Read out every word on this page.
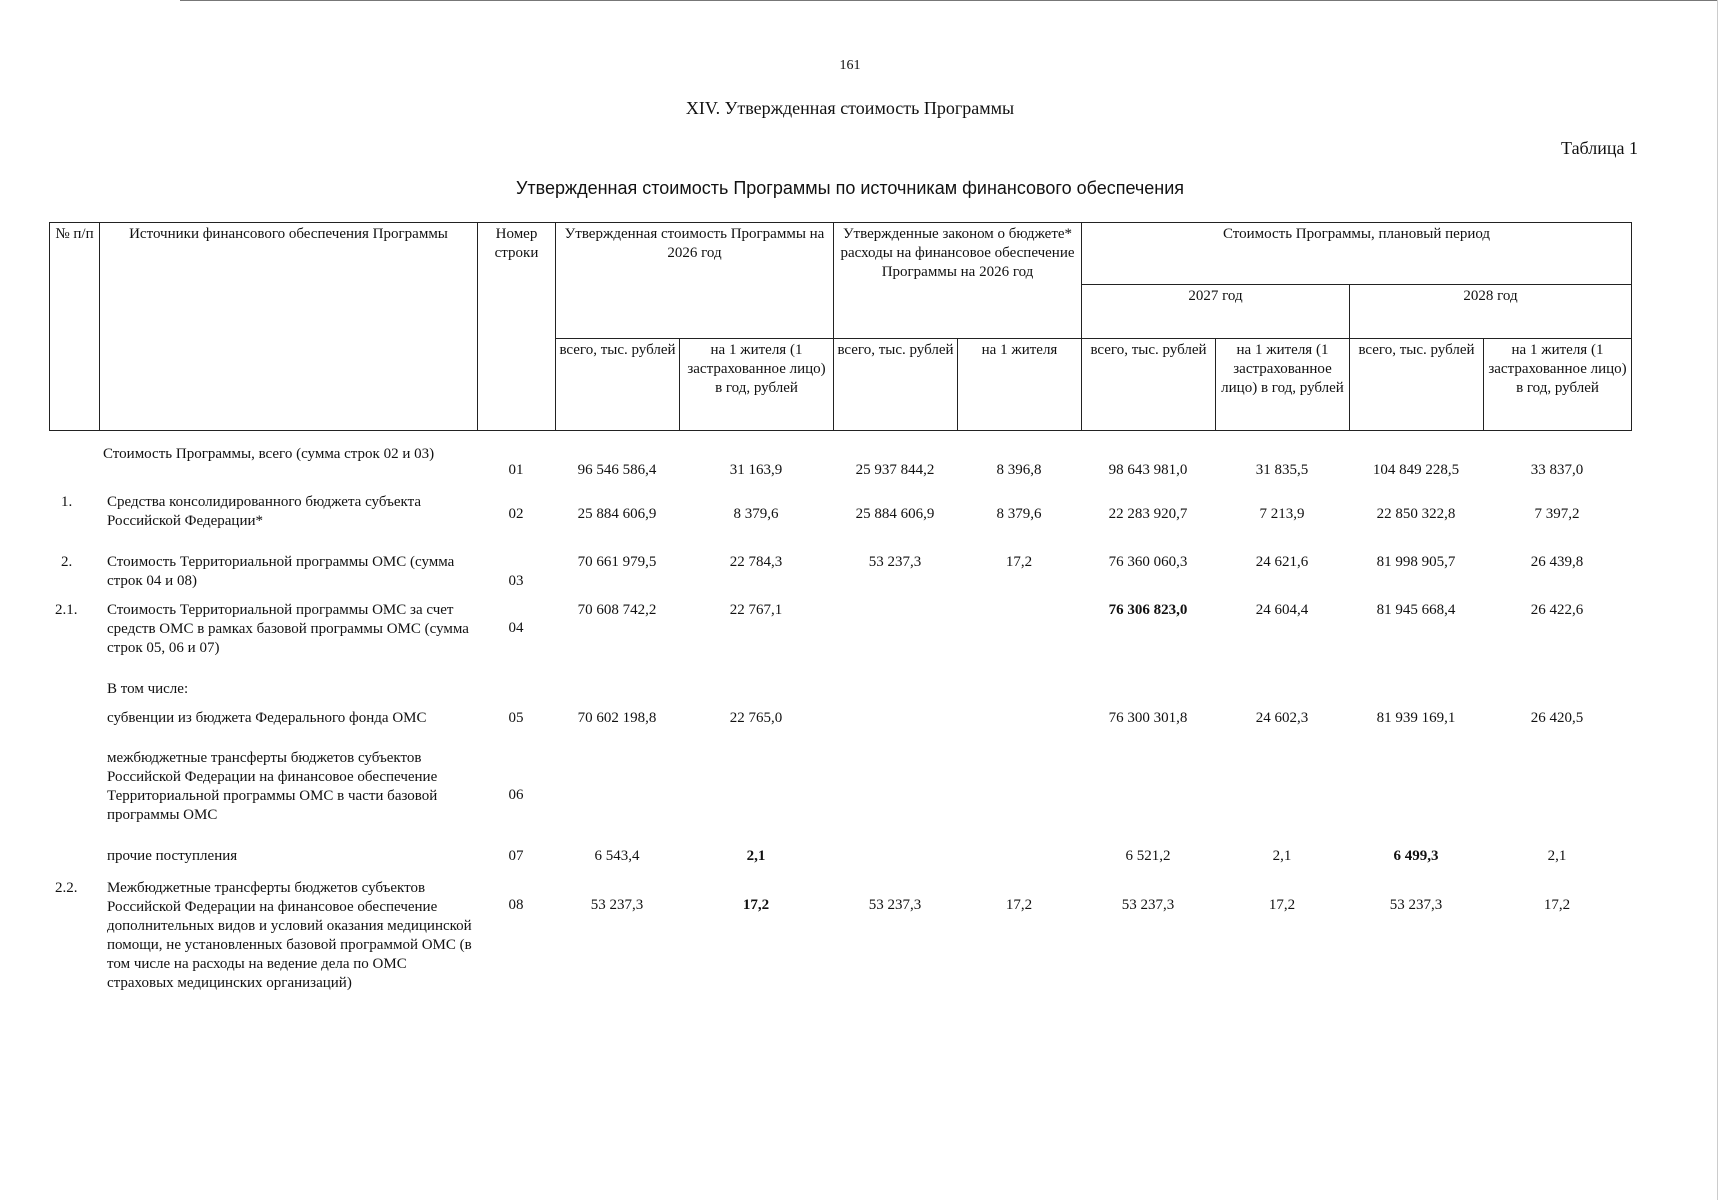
161
XIV. Утвержденная стоимость Программы
Таблица 1
Утвержденная стоимость Программы по источникам финансового обеспечения
№ п/п	Источники финансового обеспечения Программы	Номер строки	Утвержденная стоимость Программы на 2026 год		Утвержденные законом о бюджете* расходы на финансовое обеспечение Программы на 2026 год		Стоимость Программы, плановый период			
							2027 год		2028 год	
			всего, тыс. рублей	на 1 жителя (1 застрахованное лицо) в год, рублей	всего, тыс. рублей	на 1 жителя	всего, тыс. рублей	на 1 жителя (1 застрахованное лицо) в год, рублей	всего, тыс. рублей	на 1 жителя (1 застрахованное лицо) в год, рублей
	Стоимость Программы, всего (сумма строк 02 и 03)	01	96 546 586,4	31 163,9	25 937 844,2	8 396,8	98 643 981,0	31 835,5	104 849 228,5	33 837,0
1.	Средства консолидированного бюджета субъекта Российской Федерации*	02	25 884 606,9	8 379,6	25 884 606,9	8 379,6	22 283 920,7	7 213,9	22 850 322,8	7 397,2
2.	Стоимость Территориальной программы ОМС (сумма строк 04 и 08)	03	70 661 979,5	22 784,3	53 237,3	17,2	76 360 060,3	24 621,6	81 998 905,7	26 439,8
2.1.	Стоимость Территориальной программы ОМС за счет средств ОМС в рамках базовой программы ОМС (сумма строк 05, 06 и 07)	04	70 608 742,2	22 767,1			76 306 823,0	24 604,4	81 945 668,4	26 422,6
	В том числе:									
	субвенции из бюджета Федерального фонда ОМС	05	70 602 198,8	22 765,0			76 300 301,8	24 602,3	81 939 169,1	26 420,5
	межбюджетные трансферты бюджетов субъектов Российской Федерации на финансовое обеспечение Территориальной программы ОМС в части базовой программы ОМС	06								
	прочие поступления	07	6 543,4	2,1			6 521,2	2,1	6 499,3	2,1
2.2.	Межбюджетные трансферты бюджетов субъектов Российской Федерации на финансовое обеспечение дополнительных видов и условий оказания медицинской помощи, не установленных базовой программой ОМС (в том числе на расходы на ведение дела по ОМС страховых медицинских организаций)	08	53 237,3	17,2	53 237,3	17,2	53 237,3	17,2	53 237,3	17,2
